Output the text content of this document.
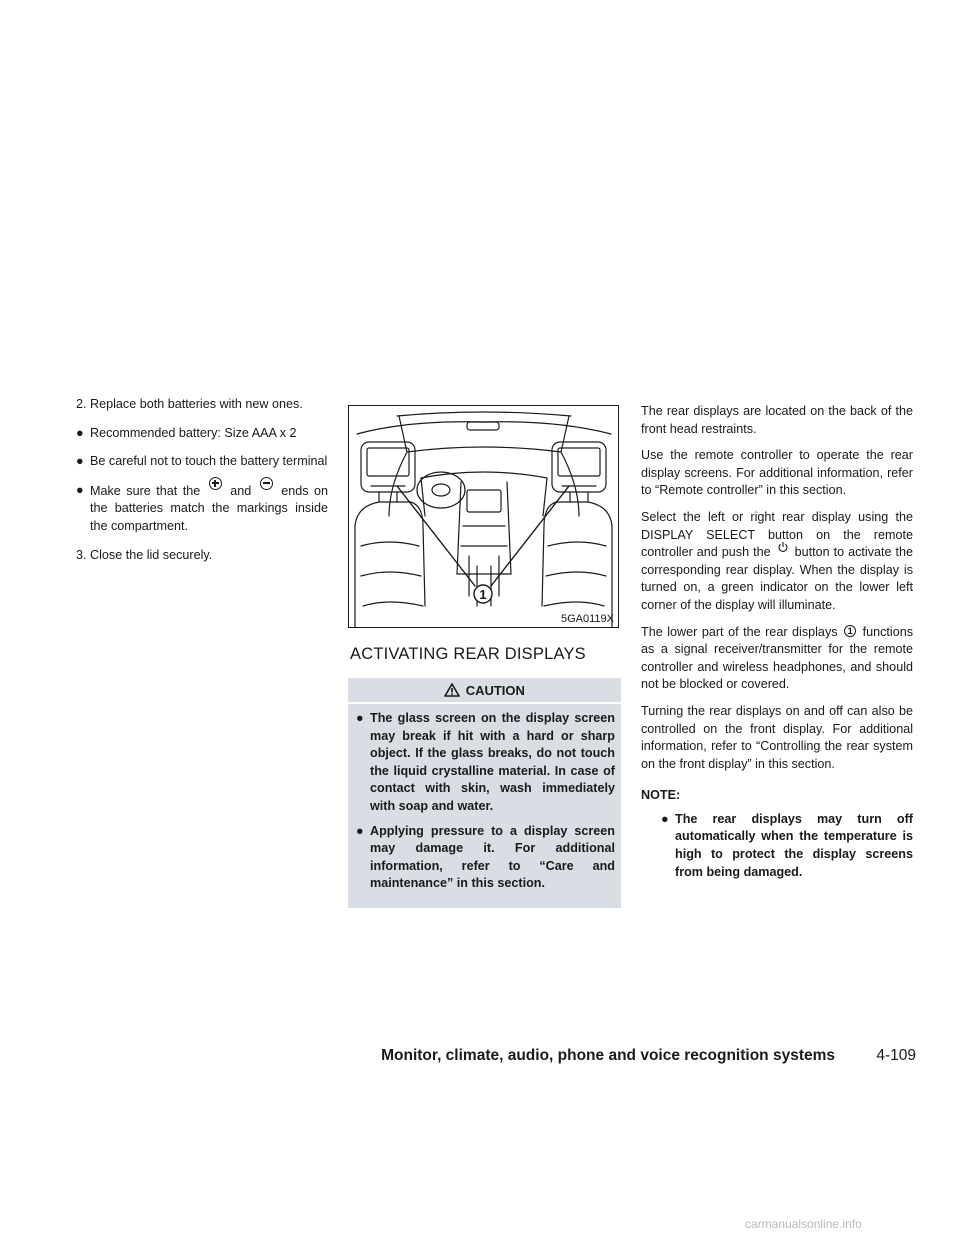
2. Replace both batteries with new ones.
● Recommended battery: Size AAA x 2
● Be careful not to touch the battery terminal
● Make sure that the and ends on the batteries match the markings inside the compartment.
3. Close the lid securely.
1
5GA0119X
ACTIVATING REAR DISPLAYS
CAUTION
● The glass screen on the display screen may break if hit with a hard or sharp object. If the glass breaks, do not touch the liquid crystalline material. In case of contact with skin, wash immediately with soap and water.
● Applying pressure to a display screen may damage it. For additional information, refer to “Care and maintenance” in this section.
The rear displays are located on the back of the front head restraints.
Use the remote controller to operate the rear display screens. For additional information, refer to “Remote controller” in this section.
Select the left or right rear display using the DISPLAY SELECT button on the remote controller and push the button to activate the corresponding rear display. When the display is turned on, a green indicator on the lower left corner of the display will illuminate.
The lower part of the rear displays 1 functions as a signal receiver/transmitter for the remote controller and wireless headphones, and should not be blocked or covered.
Turning the rear displays on and off can also be controlled on the front display. For additional information, refer to “Controlling the rear system on the front display” in this section.
NOTE:
● The rear displays may turn off automatically when the temperature is high to protect the display screens from being damaged.
Monitor, climate, audio, phone and voice recognition systems	4-109
carmanualsonline.info
